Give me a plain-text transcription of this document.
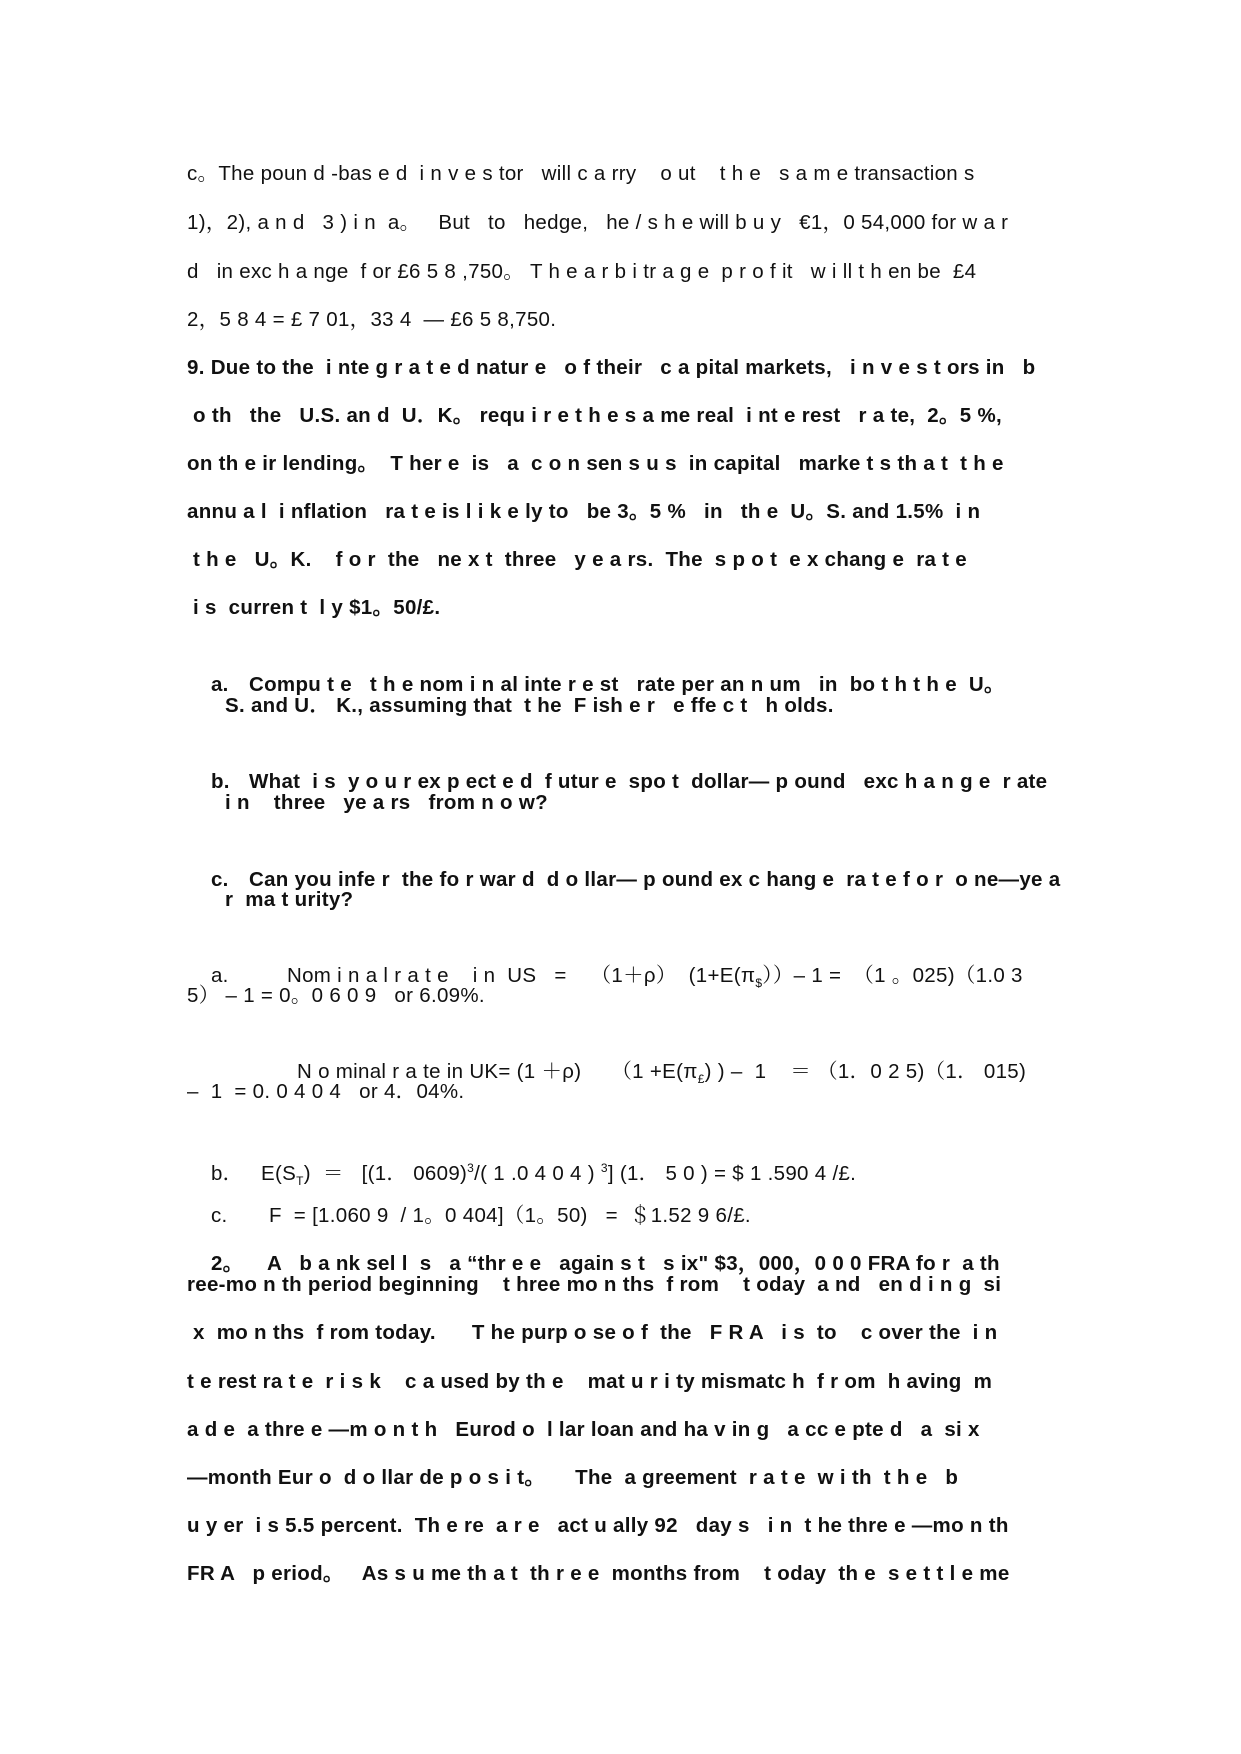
c。The poun d -bas e d  i n v e s tor   will c a rry    o ut    t h e   s a m e transaction s
1)，2), a n d   3 ) i n  a。   But   to   hedge,   he / s h e will b u y   €1，0 54,000 for w a r
d   in exc h a nge  f or £6 5 8 ,750。 T h e a r b i tr a g e  p r o f it   w i ll t h en be  £4
2，5 8 4 = £ 7 01，33 4  — £6 5 8,750.
9. Due to the  i nte g r a t e d natur e   o f their   c a pital markets,   i n v e s t ors in   b
o th   the   U.S. an d  U．K。 requ i r e t h e s a me real  i nt e rest   r a te,  2。5 %,
on th e ir lending。  T her e  is   a  c o n sen s u s  in capital   marke t s th a t  t h e
annu a l  i nflation   ra t e is l i k e ly to   be 3。5 %   in   th e  U。S. and 1.5%  i n
t h e   U。K.    f o r  the   ne x t  three   y e a rs.  The  s p o t  e x chang e  ra t e
i s  curren t  l y $1。50/£.

a. Compu t e   t h e nom i n al inte r e st   rate per an n um   in  bo t h t h e  U。

S. and U． K., assuming that  t he  F ish e r   e ffe c t   h olds.

b. What  i s  y o u r ex p ect e d  f utur e  spo t  dollar— p ound   exc h a n g e  r ate

i n    three   ye a rs   from n o w?

c. Can you infe r  the fo r war d  d o llar— p ound ex c hang e  ra t e f o r  o ne—ye a

r  ma t urity?

a.	Nom i n a l r a t e    i n  US   =    （1＋ρ）  $(1+E(\pi_{\$}))-$ 1 =  （1 。025)（1.0 3

5） – 1 = 0。0 6 0 9   or 6.09%.

N o minal r a te in UK= (1 ＋ρ)     （$1 +E(\pi_£)$ ) –  1    ＝ （1．0 2 5)（1． 015)

–  1  = 0. 0 4 0 4   or 4．04%.

b． $E(S_T) = [(1$． 0609)$^3$/( 1 .0 4 0 4 ) $^3$] (1． 5 0 ) = $ 1 .590 4 /£.

c. F  = [1.060 9  / 1。0 404]（1。50)   =  ＄1.52 9 6/£.

2。 A   b a nk sel l  s   a “thr e e   again s t   s ix" $3，000，0 0 0 FRA fo r  a th

ree-mo n th period beginning    t hree mo n ths  f rom    t oday  a nd   en d i n g  si
x  mo n ths  f rom today.      T he purp o se o f  the   F R A   i s  to    c over the  i n
t e rest ra t e  r i s k    c a used by th e    mat u r i ty mismatc h  f r om  h aving  m
a d e  a thre e —m o n t h   Eurod o  l lar loan and ha v in g   a cc e pte d   a  si x
—month Eur o  d o llar de p o s i t。     The  a greement  r a t e  w i th  t h e   b
u y er  i s 5.5 percent.  Th e re  a r e   act u ally 92   day s   i n  t he thre e —mo n th
FR A   p eriod。   As s u me th a t  th r e e  months from    t oday  th e  s e t t l e me
